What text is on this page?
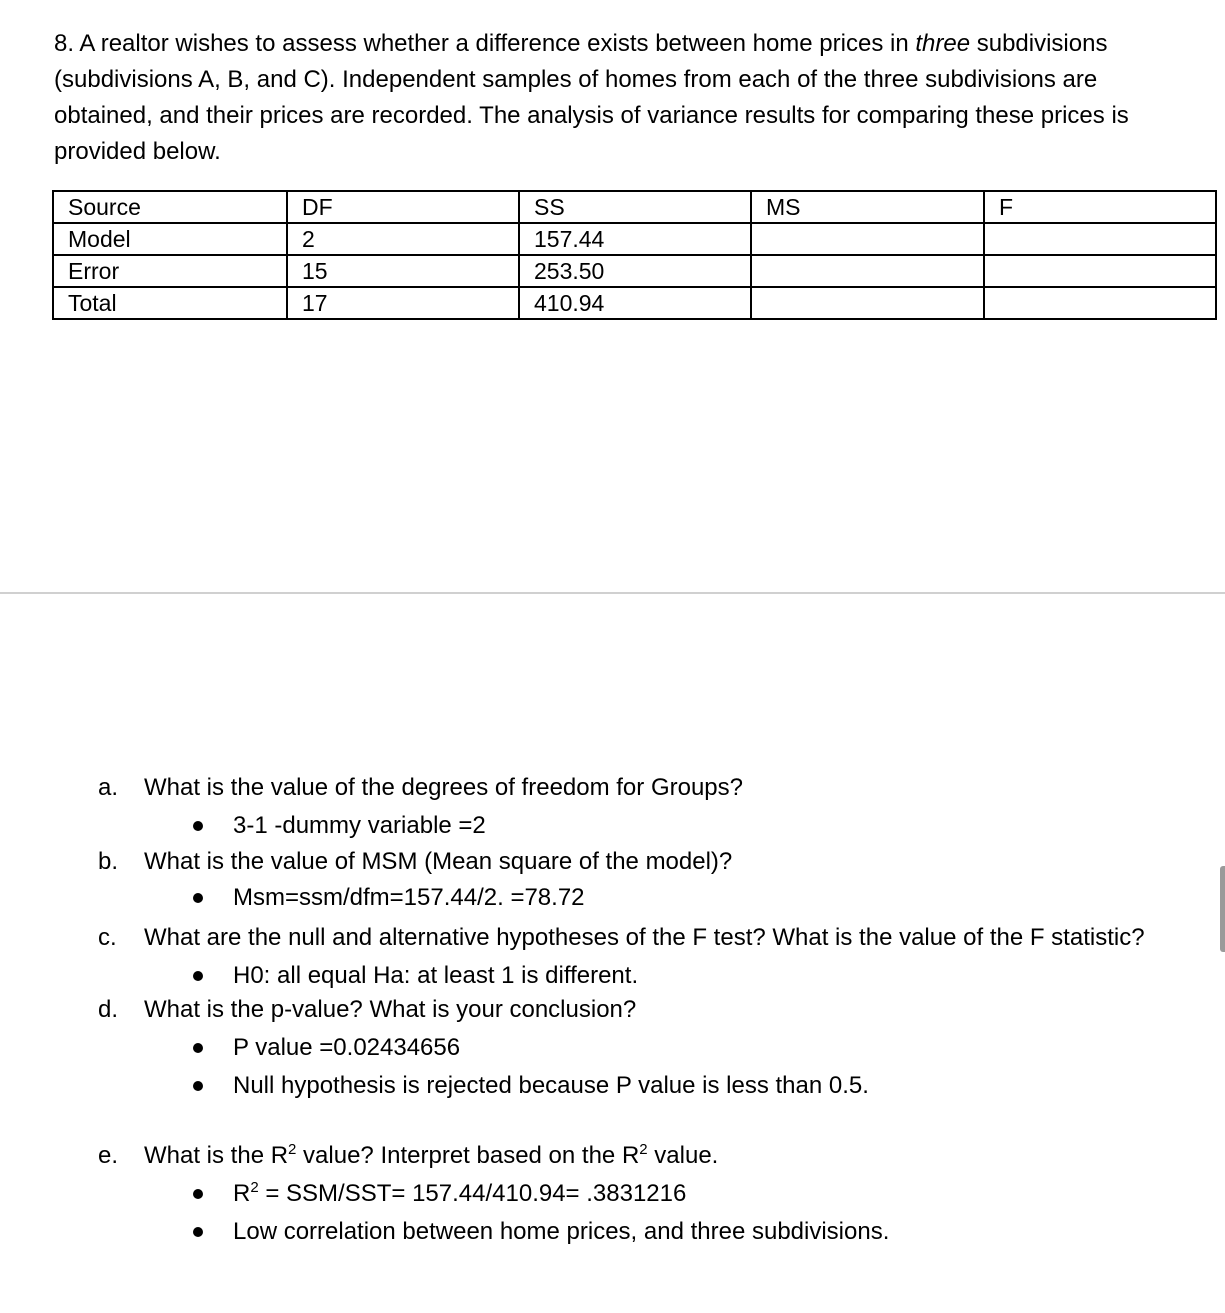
8. A realtor wishes to assess whether a difference exists between home prices in three subdivisions (subdivisions A, B, and C). Independent samples of homes from each of the three subdivisions are obtained, and their prices are recorded. The analysis of variance results for comparing these prices is provided below.

Source	DF	SS	MS	F
Model	2	157.44		
Error	15	253.50		
Total	17	410.94		
a. What is the value of the degrees of freedom for Groups?
3-1 -dummy variable =2
b. What is the value of MSM (Mean square of the model)?
Msm=ssm/dfm=157.44/2. =78.72
c. What are the null and alternative hypotheses of the F test? What is the value of the F statistic?
H0: all equal Ha: at least 1 is different.
d. What is the p-value? What is your conclusion?
P value =0.02434656
Null hypothesis is rejected because P value is less than 0.5.
e. What is the $R^2$ value? Interpret based on the $R^2$ value.
$R^2 = SSM/SST= 157.44/410.94= .3831216$
Low correlation between home prices, and three subdivisions.
